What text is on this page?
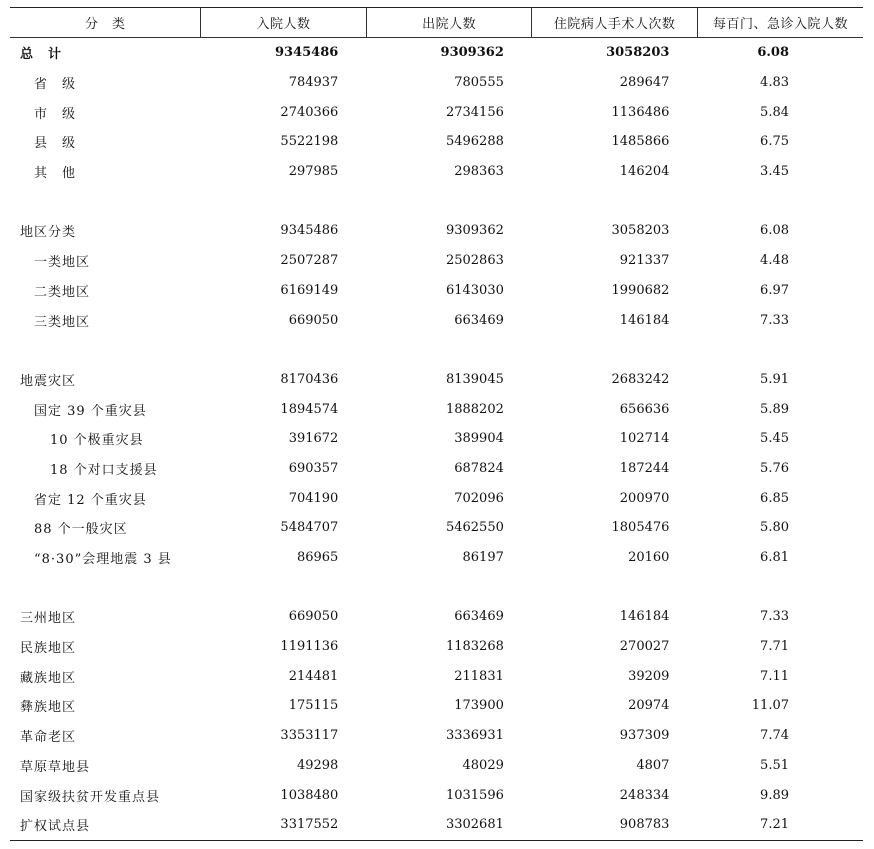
分　类	入院人数	出院人数	住院病人手术人次数	每百门、急诊入院人数
总　计	9345486	9309362	3058203	6.08
省　级	784937	780555	289647	4.83
市　级	2740366	2734156	1136486	5.84
县　级	5522198	5496288	1485866	6.75
其　他	297985	298363	146204	3.45

地区分类	9345486	9309362	3058203	6.08
一类地区	2507287	2502863	921337	4.48
二类地区	6169149	6143030	1990682	6.97
三类地区	669050	663469	146184	7.33

地震灾区	8170436	8139045	2683242	5.91
国定 39 个重灾县	1894574	1888202	656636	5.89
10 个极重灾县	391672	389904	102714	5.45
18 个对口支援县	690357	687824	187244	5.76
省定 12 个重灾县	704190	702096	200970	6.85
88 个一般灾区	5484707	5462550	1805476	5.80
“8·30”会理地震 3 县	86965	86197	20160	6.81

三州地区	669050	663469	146184	7.33
民族地区	1191136	1183268	270027	7.71
藏族地区	214481	211831	39209	7.11
彝族地区	175115	173900	20974	11.07
革命老区	3353117	3336931	937309	7.74
草原草地县	49298	48029	4807	5.51
国家级扶贫开发重点县	1038480	1031596	248334	9.89
扩权试点县	3317552	3302681	908783	7.21
